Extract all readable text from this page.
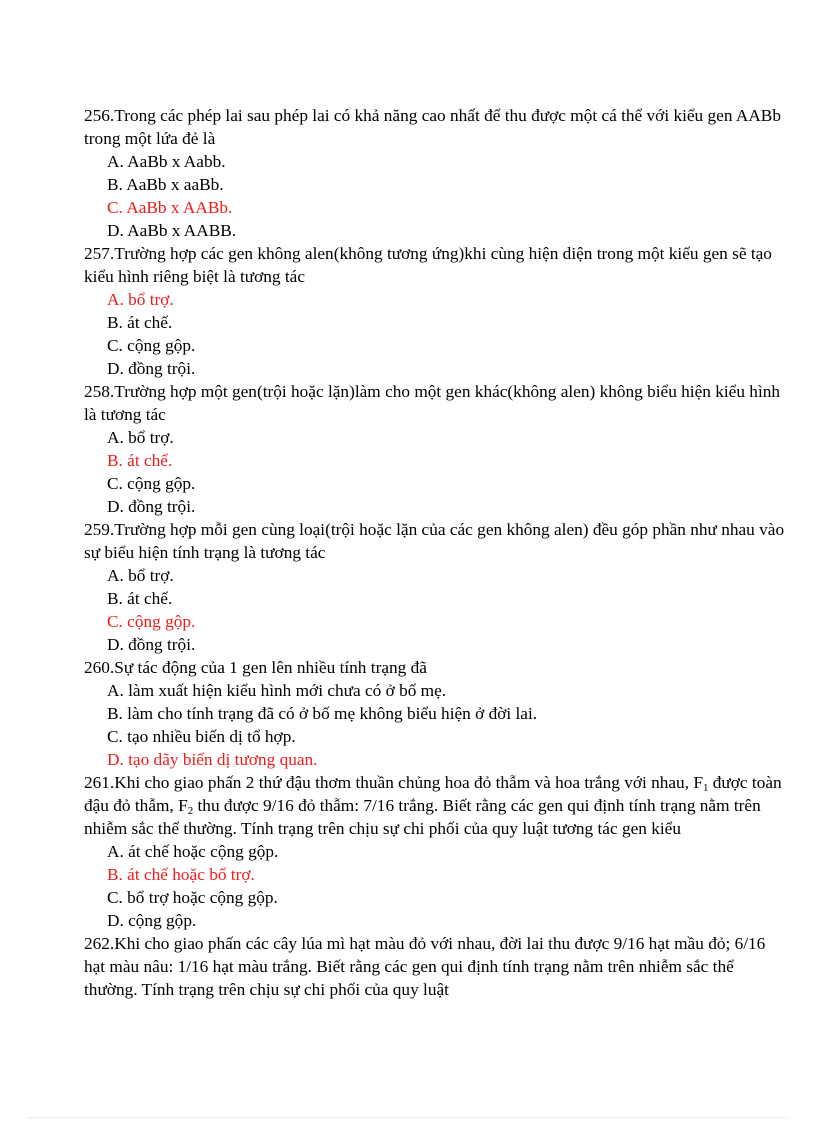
256.Trong các phép lai sau phép lai có khả năng cao nhất để thu được một cá thể với kiểu gen AABb trong một lứa đẻ là

A. AaBb x Aabb.
B. AaBb x aaBb.
C. AaBb x AABb.
D. AaBb x AABB.

257.Trường hợp các gen không alen(không tương ứng)khi cùng hiện diện trong một kiểu gen sẽ tạo kiểu hình riêng biệt là tương tác

A. bổ trợ.
B. át chế.
C. cộng gộp.
D. đồng trội.

258.Trường hợp một gen(trội hoặc lặn)làm cho một gen khác(không alen) không biểu hiện kiểu hình là tương tác

A. bổ trợ.
B. át chế.
C. cộng gộp.
D. đồng trội.

259.Trường hợp mỗi gen cùng loại(trội hoặc lặn của các gen không alen) đều góp phần như nhau vào sự biểu hiện tính trạng là tương tác

A. bổ trợ.
B. át chế.
C. cộng gộp.
D. đồng trội.

260.Sự tác động của 1 gen lên nhiều tính trạng đã

A. làm xuất hiện kiểu hình mới chưa có ở bố mẹ.
B. làm cho tính trạng đã có ở bố mẹ không biểu hiện ở đời lai.
C. tạo nhiều biến dị tổ hợp.
D. tạo dãy biến dị tương quan.

261.Khi cho giao phấn 2 thứ đậu thơm thuần chủng hoa đỏ thẫm và hoa trắng với nhau, $F_1$ được toàn đậu đỏ thẫm, $F_2$ thu được 9/16 đỏ thẫm: 7/16 trắng. Biết rằng các gen qui định tính trạng nằm trên nhiễm sắc thể thường. Tính trạng trên chịu sự chi phối của quy luật tương tác gen kiểu

A. át chế hoặc cộng gộp.
B. át chế hoặc bổ trợ.
C. bổ trợ hoặc cộng gộp.
D. cộng gộp.

262.Khi cho giao phấn các cây lúa mì hạt màu đỏ với nhau, đời lai thu được 9/16 hạt mầu đỏ; 6/16 hạt màu nâu: 1/16 hạt màu trắng. Biết rằng các gen qui định tính trạng nằm trên nhiễm sắc thể thường. Tính trạng trên chịu sự chi phối của quy luật
